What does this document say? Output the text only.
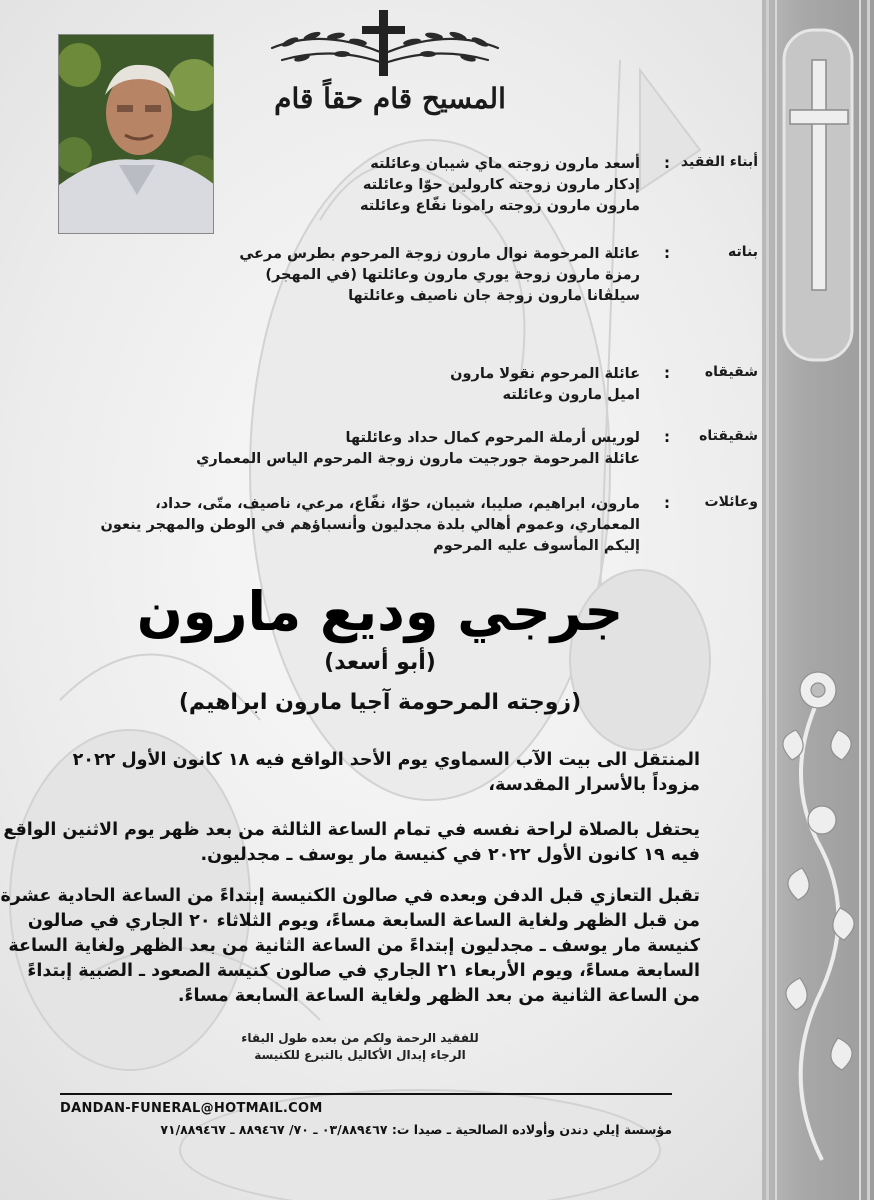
المسيح قام حقاً قام
أبناء الفقيد
:
أسعد مارون زوجته ماي شيبان وعائلته
إدكار مارون زوجته كارولين حوّا وعائلته
مارون مارون زوجته رامونا نفّاع وعائلته
بناته
:
عائلة المرحومة نوال مارون زوجة المرحوم بطرس مرعي
رمزة مارون زوجة يوري مارون وعائلتها (في المهجر)
سيلڤانا مارون زوجة جان ناصيف وعائلتها
شقيقاه
:
عائلة المرحوم نقولا مارون
اميل مارون وعائلته
شقيقتاه
:
لوريس أرملة المرحوم كمال حداد وعائلتها
عائلة المرحومة جورجيت مارون زوجة المرحوم الياس المعماري
وعائلات
:
مارون، ابراهيم، صليبا، شيبان، حوّا، نفّاع، مرعي، ناصيف، متّى، حداد،
المعماري، وعموم أهالي بلدة مجدليون وأنسباؤهم في الوطن والمهجر ينعون
إليكم المأسوف عليه المرحوم
جرجي وديع مارون
(أبو أسعد)
(زوجته المرحومة آجيا مارون ابراهيم)
المنتقل الى بيت الآب السماوي يوم الأحد الواقع فيه ١٨ كانون الأول ٢٠٢٢
مزوداً بالأسرار المقدسة،
يحتفل بالصلاة لراحة نفسه في تمام الساعة الثالثة من بعد ظهر يوم الاثنين الواقع
فيه ١٩ كانون الأول ٢٠٢٢ في كنيسة مار يوسف ـ مجدليون.
تقبل التعازي قبل الدفن وبعده في صالون الكنيسة إبتداءً من الساعة الحادية عشرة
من قبل الظهر ولغاية الساعة السابعة مساءً، ويوم الثلاثاء ٢٠ الجاري في صالون
كنيسة مار يوسف ـ مجدليون إبتداءً من الساعة الثانية من بعد الظهر ولغاية الساعة
السابعة مساءً، ويوم الأربعاء ٢١ الجاري في صالون كنيسة الصعود ـ الضبية إبتداءً
من الساعة الثانية من بعد الظهر ولغاية الساعة السابعة مساءً.
للفقيد الرحمة ولكم من بعده طول البقاء
الرجاء إبدال الأكاليل بالتبرع للكنيسة
DANDAN-FUNERAL@HOTMAIL.COM
مؤسسة إيلي دندن وأولاده الصالحية ـ صيدا ت: ٠٣/٨٨٩٤٦٧ ـ ٧٠/ ٨٨٩٤٦٧ ـ ٧١/٨٨٩٤٦٧
